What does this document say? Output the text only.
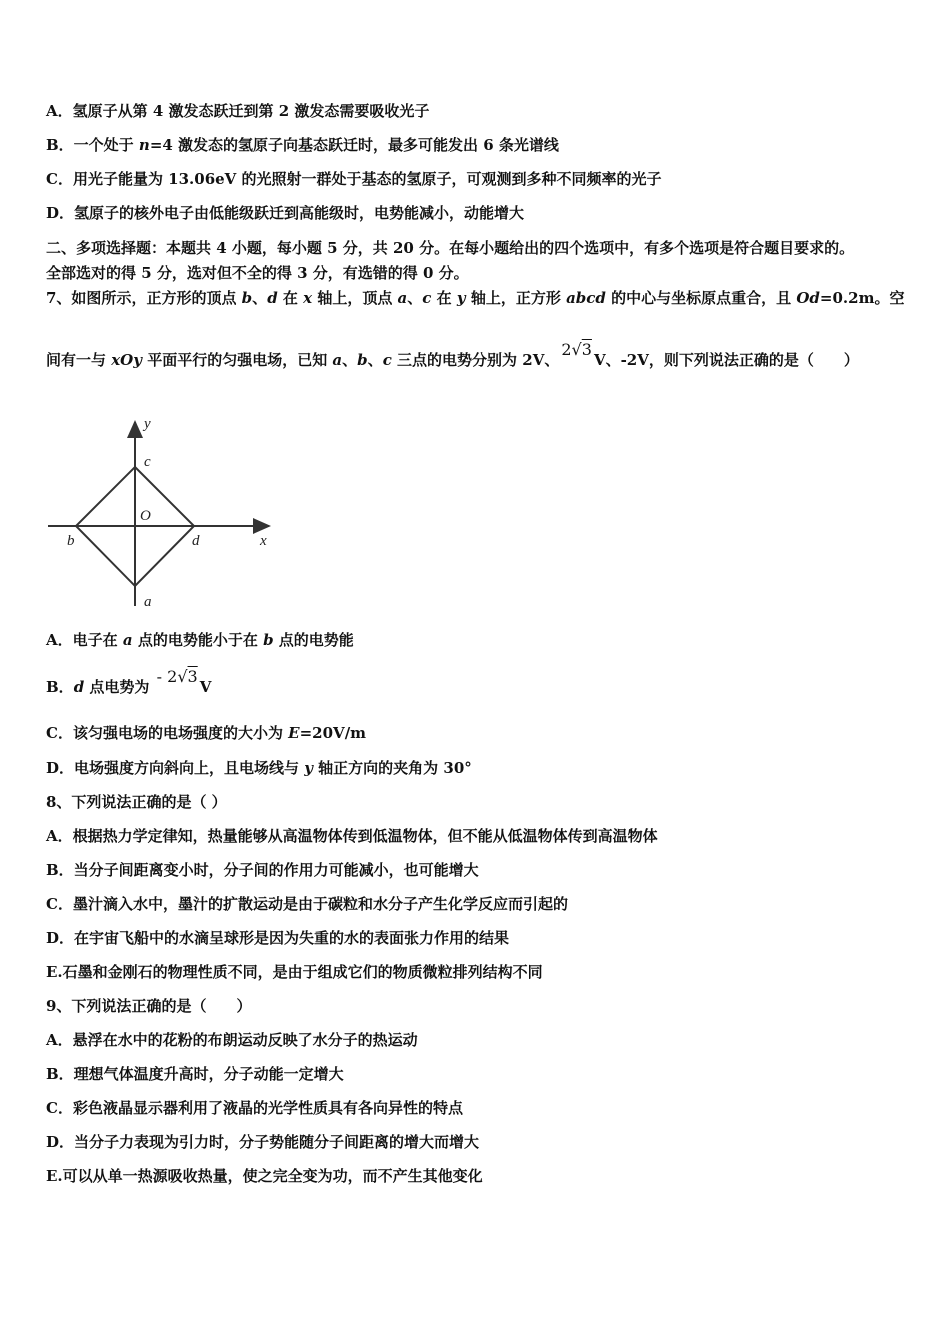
A．氢原子从第 4 激发态跃迁到第 2 激发态需要吸收光子
B．一个处于 n=4 激发态的氢原子向基态跃迁时，最多可能发出 6 条光谱线
C．用光子能量为 13.06eV 的光照射一群处于基态的氢原子，可观测到多种不同频率的光子
D．氢原子的核外电子由低能级跃迁到高能级时，电势能减小，动能增大
二、多项选择题：本题共 4 小题，每小题 5 分，共 20 分。在每小题给出的四个选项中，有多个选项是符合题目要求的。
全部选对的得 5 分，选对但不全的得 3 分，有选错的得 0 分。
7、如图所示，正方形的顶点 b、d 在 x 轴上，顶点 a、c 在 y 轴上，正方形 abcd 的中心与坐标原点重合，且 Od=0.2m。空
间有一与 xOy 平面平行的匀强电场，已知 a、b、c 三点的电势分别为 2V、2√3V、-2V，则下列说法正确的是（　　）
y
c
O
b	d	x
a
A．电子在 a 点的电势能小于在 b 点的电势能
B．d 点电势为 - 2√3V
C．该匀强电场的电场强度的大小为 E=20V/m
D．电场强度方向斜向上，且电场线与 y 轴正方向的夹角为 30°
8、下列说法正确的是（ ）
A．根据热力学定律知，热量能够从高温物体传到低温物体，但不能从低温物体传到高温物体
B．当分子间距离变小时，分子间的作用力可能减小，也可能增大
C．墨汁滴入水中，墨汁的扩散运动是由于碳粒和水分子产生化学反应而引起的
D．在宇宙飞船中的水滴呈球形是因为失重的水的表面张力作用的结果
E.石墨和金刚石的物理性质不同，是由于组成它们的物质微粒排列结构不同
9、下列说法正确的是（　　）
A．悬浮在水中的花粉的布朗运动反映了水分子的热运动
B．理想气体温度升高时，分子动能一定增大
C．彩色液晶显示器利用了液晶的光学性质具有各向异性的特点
D．当分子力表现为引力时，分子势能随分子间距离的增大而增大
E.可以从单一热源吸收热量，使之完全变为功，而不产生其他变化
